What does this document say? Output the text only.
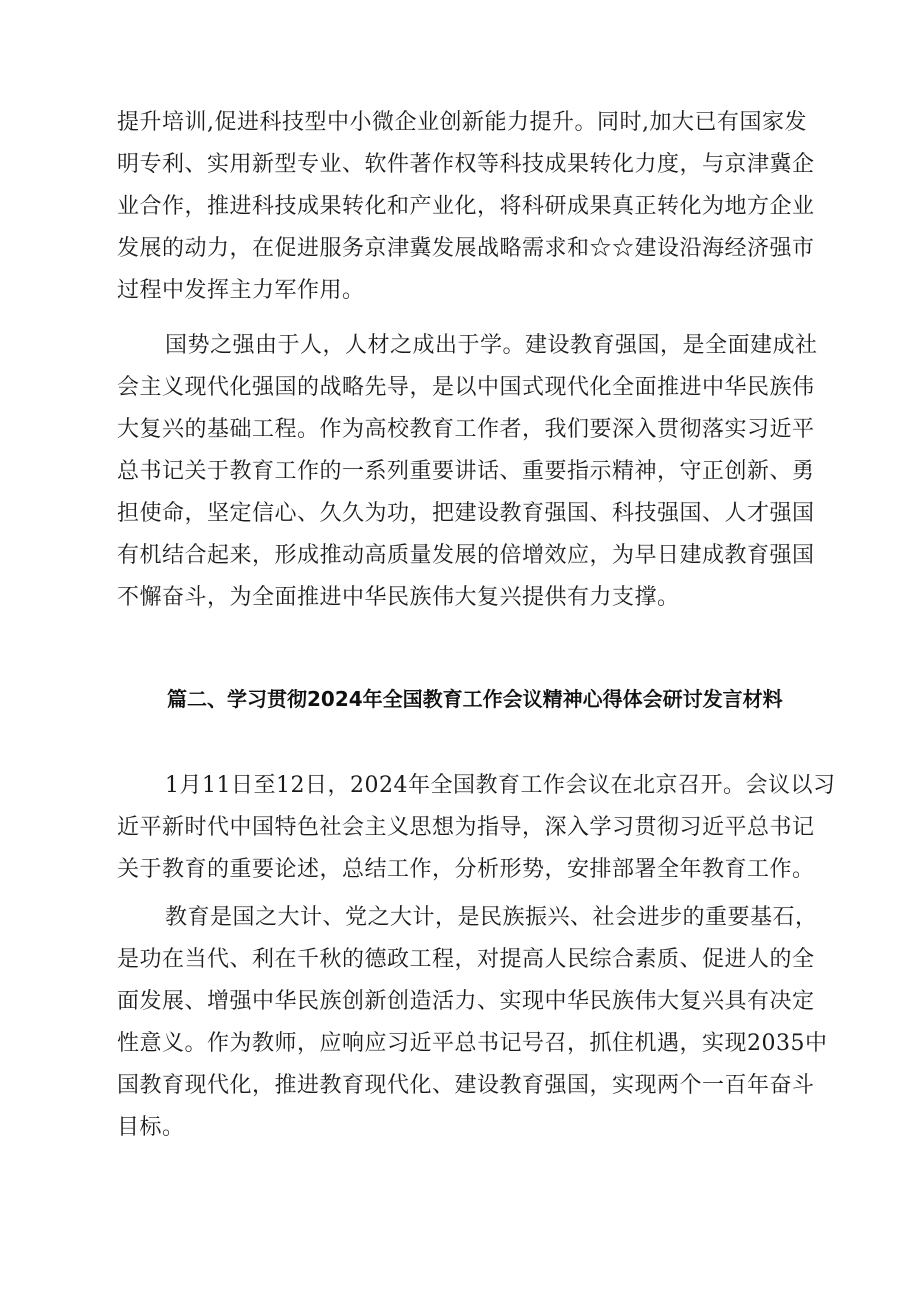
提升培训,促进科技型中小微企业创新能力提升。同时,加大已有国家发
明专利、实用新型专业、软件著作权等科技成果转化力度，与京津冀企
业合作，推进科技成果转化和产业化，将科研成果真正转化为地方企业
发展的动力，在促进服务京津冀发展战略需求和☆☆建设沿海经济强市
过程中发挥主力军作用。
国势之强由于人，人材之成出于学。建设教育强国，是全面建成社
会主义现代化强国的战略先导，是以中国式现代化全面推进中华民族伟
大复兴的基础工程。作为高校教育工作者，我们要深入贯彻落实习近平
总书记关于教育工作的一系列重要讲话、重要指示精神，守正创新、勇
担使命，坚定信心、久久为功，把建设教育强国、科技强国、人才强国
有机结合起来，形成推动高质量发展的倍增效应，为早日建成教育强国
不懈奋斗，为全面推进中华民族伟大复兴提供有力支撑。
篇二、学习贯彻2024年全国教育工作会议精神心得体会研讨发言材料
1月11日至12日，2024年全国教育工作会议在北京召开。会议以习
近平新时代中国特色社会主义思想为指导，深入学习贯彻习近平总书记
关于教育的重要论述，总结工作，分析形势，安排部署全年教育工作。
教育是国之大计、党之大计，是民族振兴、社会进步的重要基石，
是功在当代、利在千秋的德政工程，对提高人民综合素质、促进人的全
面发展、增强中华民族创新创造活力、实现中华民族伟大复兴具有决定
性意义。作为教师，应响应习近平总书记号召，抓住机遇，实现2035中
国教育现代化，推进教育现代化、建设教育强国，实现两个一百年奋斗
目标。
